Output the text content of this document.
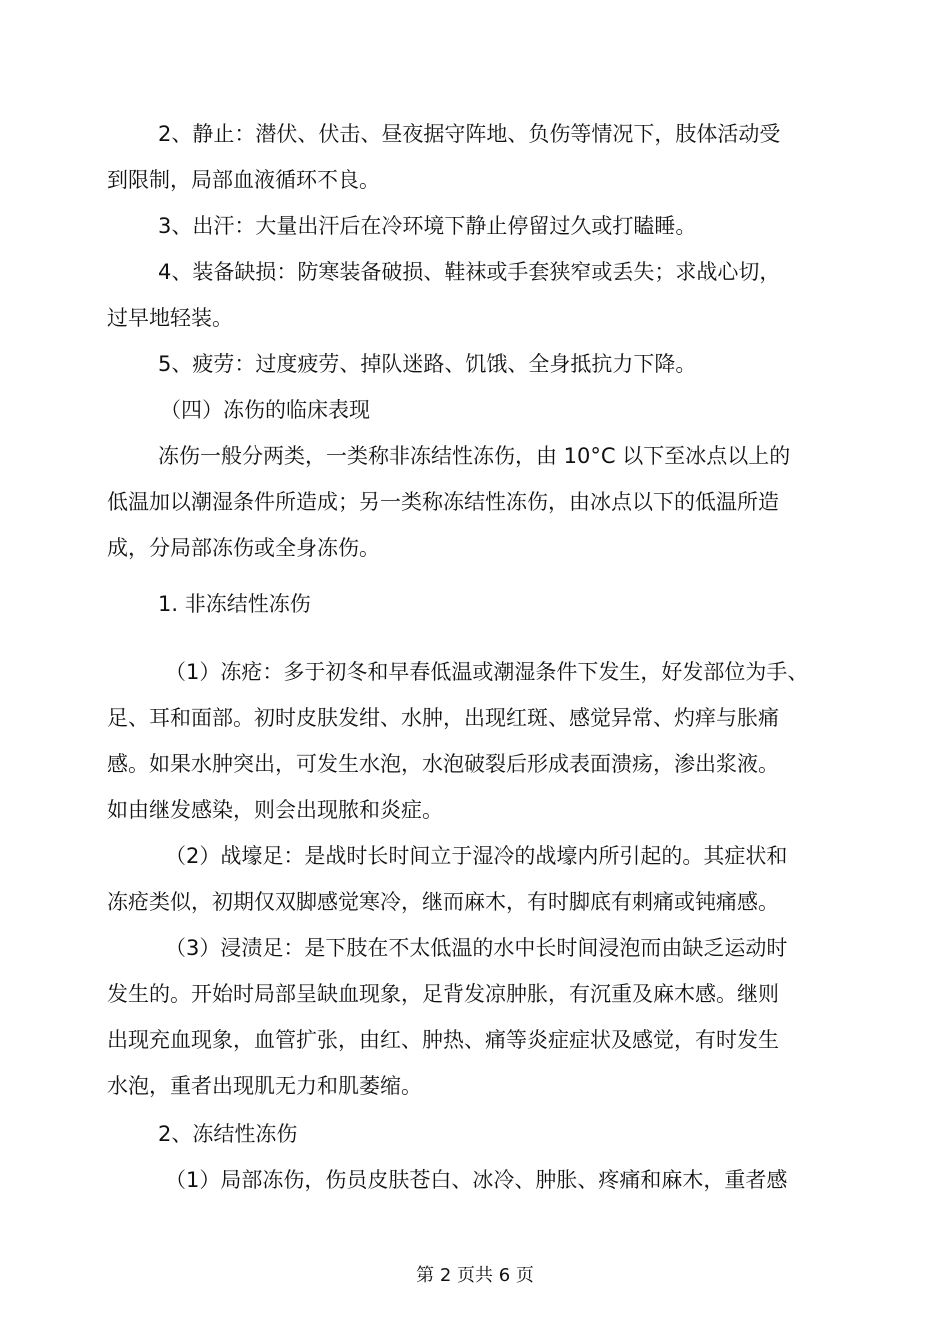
2、静止：潜伏、伏击、昼夜据守阵地、负伤等情况下，肢体活动受
到限制，局部血液循环不良。
3、出汗：大量出汗后在冷环境下静止停留过久或打瞌睡。
4、装备缺损：防寒装备破损、鞋袜或手套狭窄或丢失；求战心切，
过早地轻装。
5、疲劳：过度疲劳、掉队迷路、饥饿、全身抵抗力下降。
（四）冻伤的临床表现
冻伤一般分两类，一类称非冻结性冻伤，由 10°C 以下至冰点以上的
低温加以潮湿条件所造成；另一类称冻结性冻伤，由冰点以下的低温所造
成，分局部冻伤或全身冻伤。
1. 非冻结性冻伤
（1）冻疮：多于初冬和早春低温或潮湿条件下发生，好发部位为手、
足、耳和面部。初时皮肤发绀、水肿，出现红斑、感觉异常、灼痒与胀痛
感。如果水肿突出，可发生水泡，水泡破裂后形成表面溃疡，渗出浆液。
如由继发感染，则会出现脓和炎症。
（2）战壕足：是战时长时间立于湿冷的战壕内所引起的。其症状和
冻疮类似，初期仅双脚感觉寒冷，继而麻木，有时脚底有刺痛或钝痛感。
（3）浸渍足：是下肢在不太低温的水中长时间浸泡而由缺乏运动时
发生的。开始时局部呈缺血现象，足背发凉肿胀，有沉重及麻木感。继则
出现充血现象，血管扩张，由红、肿热、痛等炎症症状及感觉，有时发生
水泡，重者出现肌无力和肌萎缩。
2、冻结性冻伤
（1）局部冻伤，伤员皮肤苍白、冰冷、肿胀、疼痛和麻木，重者感
第 2 页共 6 页
